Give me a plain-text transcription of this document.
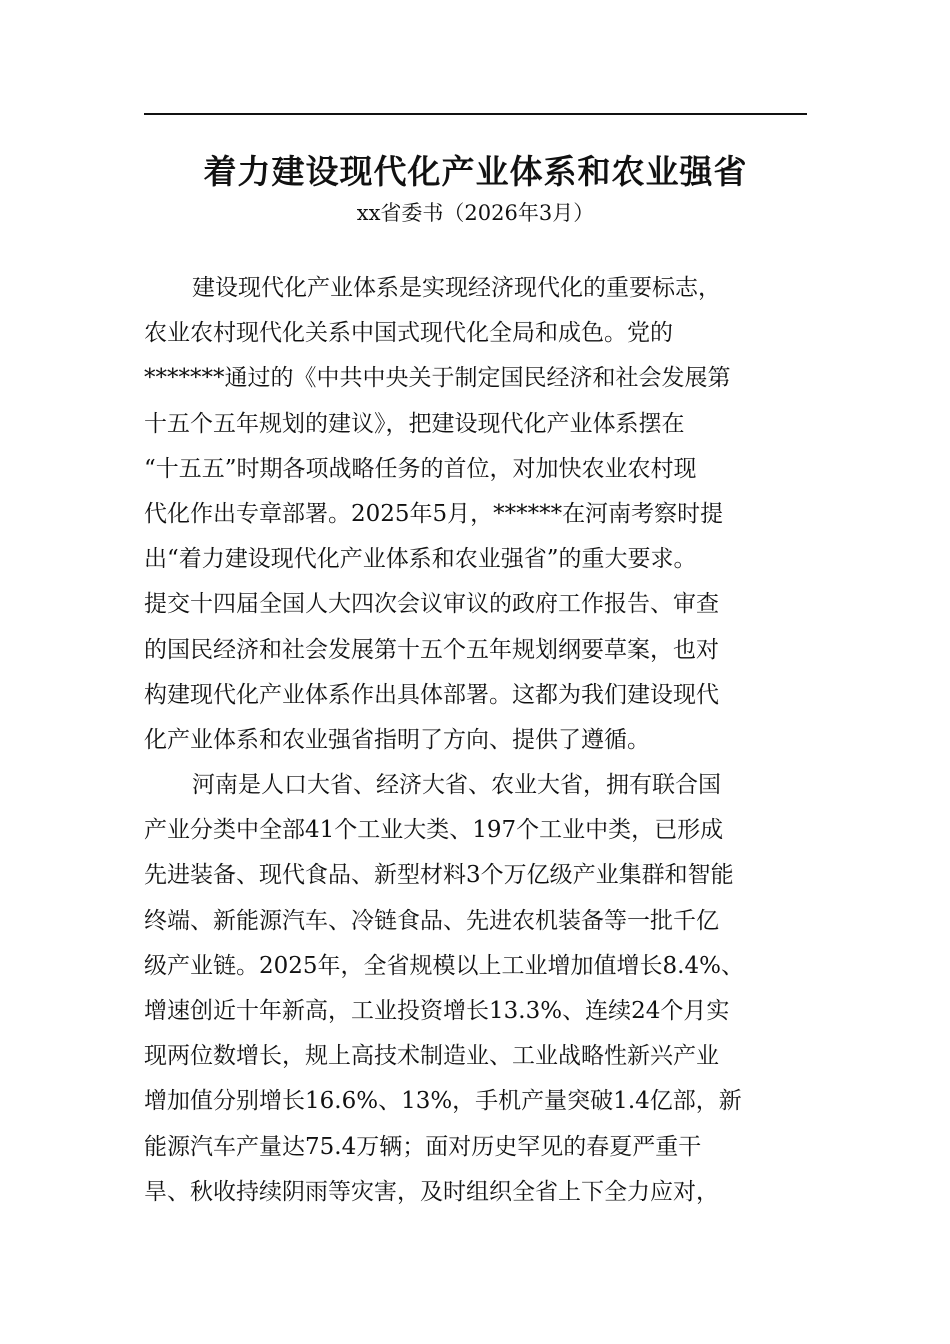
着力建设现代化产业体系和农业强省

xx省委书（2026年3月）

建设现代化产业体系是实现经济现代化的重要标志，
农业农村现代化关系中国式现代化全局和成色。党的
*******通过的《中共中央关于制定国民经济和社会发展第
十五个五年规划的建议》，把建设现代化产业体系摆在
“十五五”时期各项战略任务的首位，对加快农业农村现
代化作出专章部署。2025年5月，******在河南考察时提
出“着力建设现代化产业体系和农业强省”的重大要求。
提交十四届全国人大四次会议审议的政府工作报告、审查
的国民经济和社会发展第十五个五年规划纲要草案，也对
构建现代化产业体系作出具体部署。这都为我们建设现代
化产业体系和农业强省指明了方向、提供了遵循。
河南是人口大省、经济大省、农业大省，拥有联合国
产业分类中全部41个工业大类、197个工业中类，已形成
先进装备、现代食品、新型材料3个万亿级产业集群和智能
终端、新能源汽车、冷链食品、先进农机装备等一批千亿
级产业链。2025年，全省规模以上工业增加值增长8.4%、
增速创近十年新高，工业投资增长13.3%、连续24个月实
现两位数增长，规上高技术制造业、工业战略性新兴产业
增加值分别增长16.6%、13%，手机产量突破1.4亿部，新
能源汽车产量达75.4万辆；面对历史罕见的春夏严重干
旱、秋收持续阴雨等灾害，及时组织全省上下全力应对，
